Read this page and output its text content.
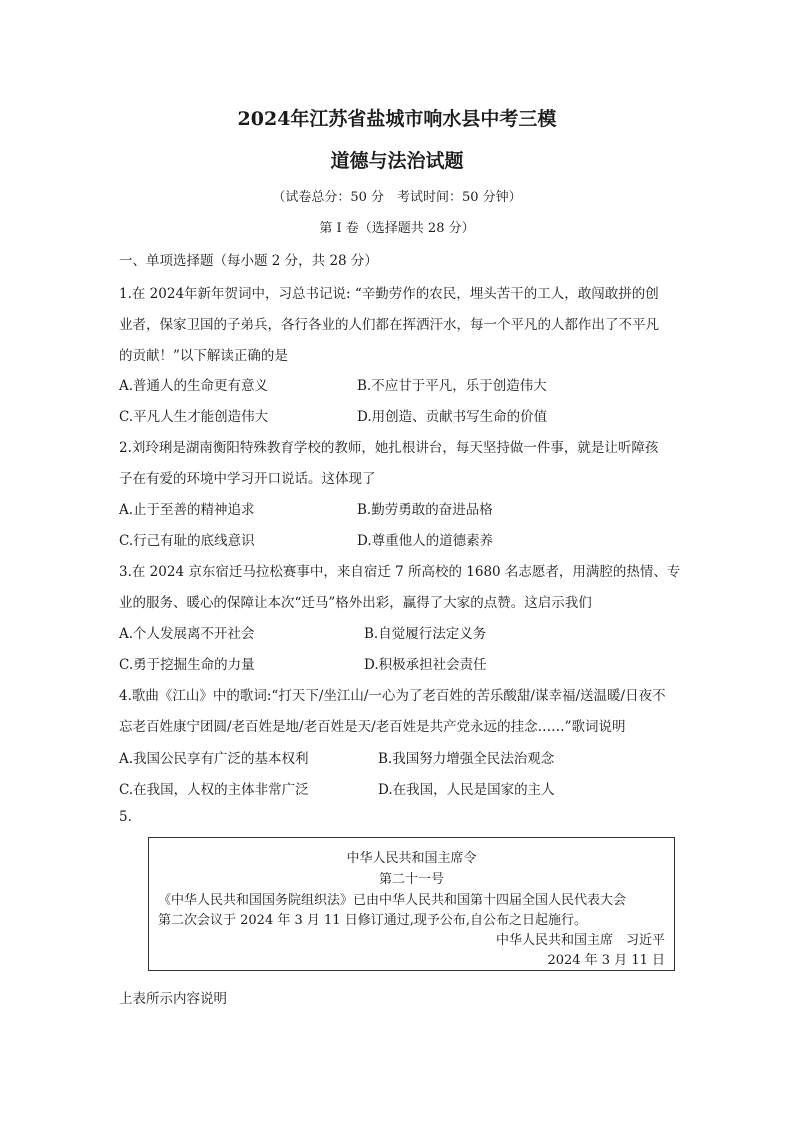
2024年江苏省盐城市响水县中考三模
道德与法治试题
（试卷总分：50 分　考试时间：50 分钟）
第 I 卷（选择题共 28 分）
一、单项选择题（每小题 2 分，共 28 分）
1.在 2024年新年贺词中，习总书记说: “辛勤劳作的农民，埋头苦干的工人，敢闯敢拼的创
业者，保家卫国的子弟兵，各行各业的人们都在挥洒汗水，每一个平凡的人都作出了不平凡
的贡献！”以下解读正确的是
A.普通人的生命更有意义	B.不应甘于平凡，乐于创造伟大
C.平凡人生才能创造伟大	D.用创造、贡献书写生命的价值
2.刘玲琍是湖南衡阳特殊教育学校的教师，她扎根讲台，每天坚持做一件事，就是让听障孩
子在有爱的环境中学习开口说话。这体现了
A.止于至善的精神追求	B.勤劳勇敢的奋进品格
C.行己有耻的底线意识	D.尊重他人的道德素养
3.在 2024 京东宿迁马拉松赛事中，来自宿迁 7 所高校的 1680 名志愿者，用满腔的热情、专
业的服务、暖心的保障让本次“迁马”格外出彩，赢得了大家的点赞。这启示我们
A.个人发展离不开社会	B.自觉履行法定义务
C.勇于挖掘生命的力量	D.积极承担社会责任
4.歌曲《江山》中的歌词:“打天下/坐江山/一心为了老百姓的苦乐酸甜/谋幸福/送温暖/日夜不
忘老百姓康宁团圆/老百姓是地/老百姓是天/老百姓是共产党永远的挂念……”歌词说明
A.我国公民享有广泛的基本权利	B.我国努力增强全民法治观念
C.在我国，人权的主体非常广泛	D.在我国，人民是国家的主人
5.
中华人民共和国主席令
第二十一号
《中华人民共和国国务院组织法》已由中华人民共和国第十四届全国人民代表大会
第二次会议于 2024 年 3 月 11 日修订通过,现予公布,自公布之日起施行。
中华人民共和国主席　习近平
2024 年 3 月 11 日
上表所示内容说明
